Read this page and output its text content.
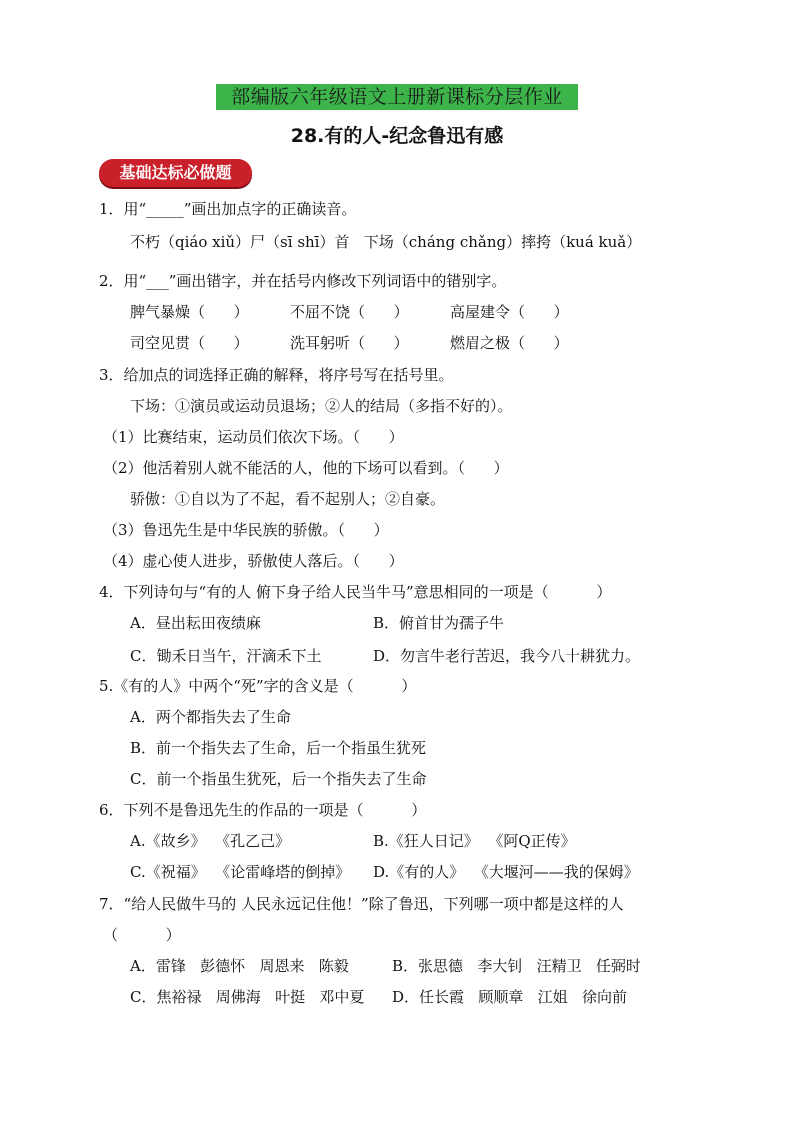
部编版六年级语文上册新课标分层作业
28.有的人-纪念鲁迅有感
基础达标必做题
1．用“_____”画出加点字的正确读音。
不朽（qiáo xiǔ）尸（sī shī）首   下场（cháng chǎng）摔挎（kuá kuǎ）
2．用“___”画出错字，并在括号内修改下列词语中的错别字。
脾气暴燥（      ）	不屈不饶（      ）	高屋建令（      ）
司空见贯（      ）	洗耳躬听（      ）	燃眉之极（      ）
3．给加点的词选择正确的解释，将序号写在括号里。
下场：①演员或运动员退场；②人的结局（多指不好的）。
（1）比赛结束，运动员们依次下场。（      ）
（2）他活着别人就不能活的人，他的下场可以看到。（      ）
骄傲：①自以为了不起，看不起别人；②自豪。
（3）鲁迅先生是中华民族的骄傲。（      ）
（4）虚心使人进步，骄傲使人落后。（      ）
4．下列诗句与“有的人 俯下身子给人民当牛马”意思相同的一项是（          ）
A．昼出耘田夜绩麻	B．俯首甘为孺子牛
C．锄禾日当午，汗滴禾下土	D．勿言牛老行苦迟，我今八十耕犹力。
5.《有的人》中两个“死”字的含义是（          ）
A．两个都指失去了生命
B．前一个指失去了生命，后一个指虽生犹死
C．前一个指虽生犹死，后一个指失去了生命
6．下列不是鲁迅先生的作品的一项是（          ）
A.《故乡》  《孔乙己》	B.《狂人日记》  《阿Q正传》
C.《祝福》  《论雷峰塔的倒掉》 D.《有的人》  《大堰河——我的保姆》
7．“给人民做牛马的 人民永远记住他！”除了鲁迅，下列哪一项中都是这样的人
（          ）
A．雷锋   彭德怀   周恩来   陈毅	B．张思德   李大钊   汪精卫   任弼时
C．焦裕禄   周佛海   叶挺   邓中夏 D．任长霞   顾顺章   江姐   徐向前
